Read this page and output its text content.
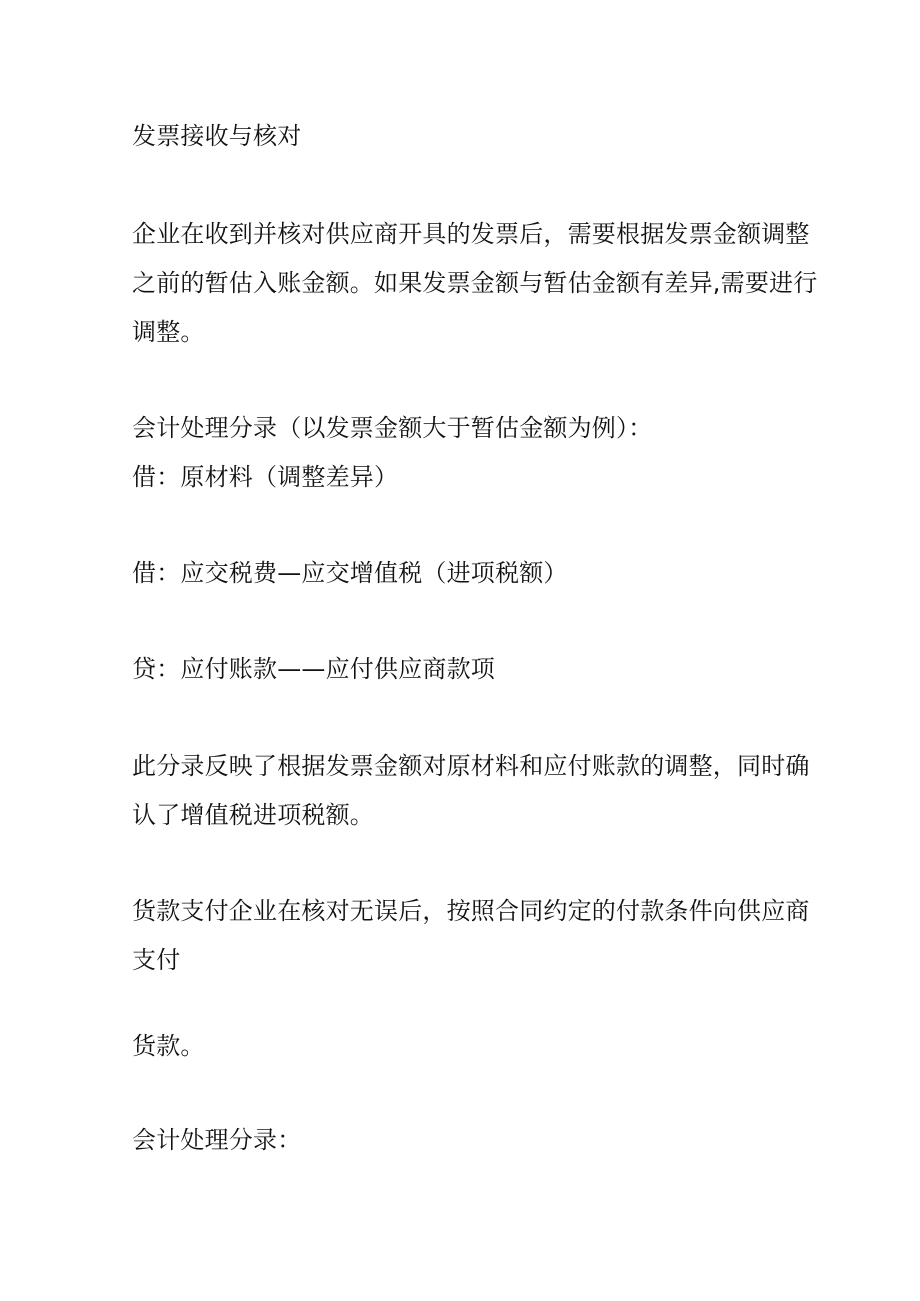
发票接收与核对
企业在收到并核对供应商开具的发票后，需要根据发票金额调整
之前的暂估入账金额。如果发票金额与暂估金额有差异,需要进行
调整。
会计处理分录（以发票金额大于暂估金额为例）：
借：原材料（调整差异）
借：应交税费—应交增值税（进项税额）
贷：应付账款——应付供应商款项
此分录反映了根据发票金额对原材料和应付账款的调整，同时确
认了增值税进项税额。
货款支付企业在核对无误后，按照合同约定的付款条件向供应商
支付
货款。
会计处理分录：
